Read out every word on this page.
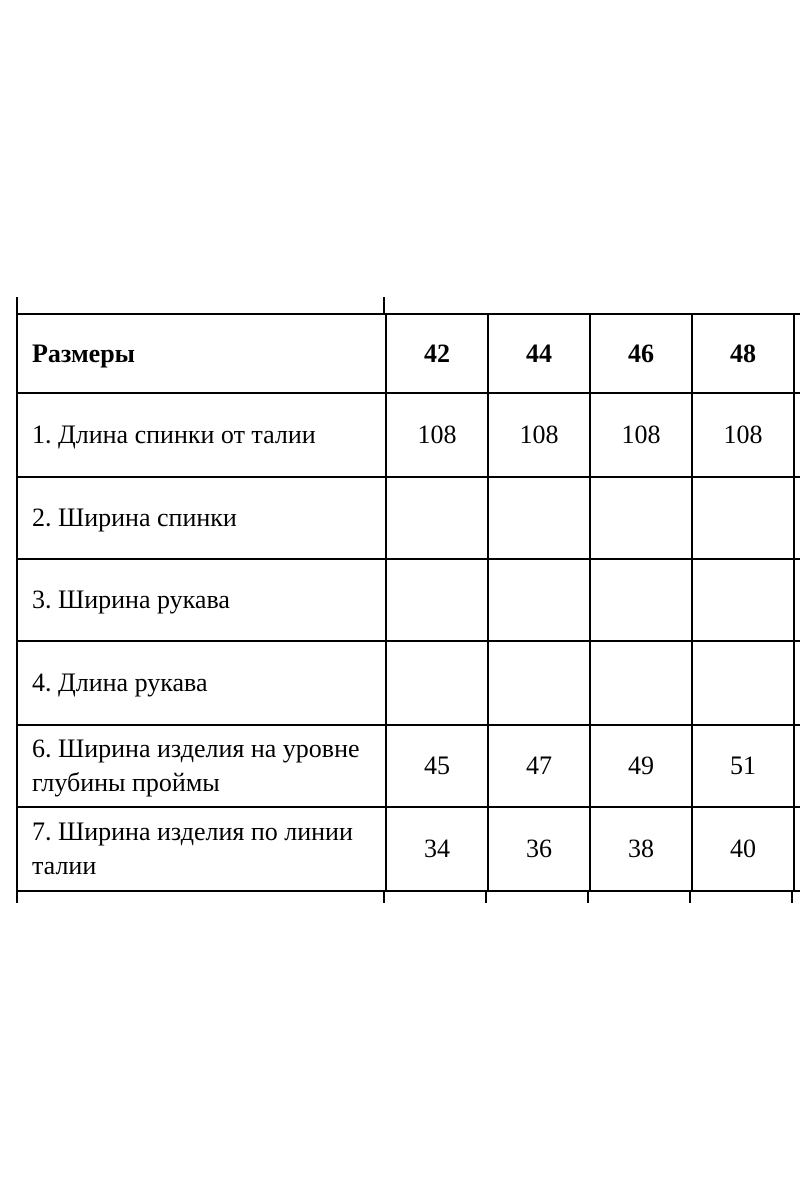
Размеры	42	44	46	48	
1. Длина спинки от талии	108	108	108	108	
2. Ширина спинки					
3. Ширина рукава					
4. Длина рукава					
6. Ширина изделия на уровне глубины проймы	45	47	49	51	
7. Ширина изделия по линии талии	34	36	38	40	
